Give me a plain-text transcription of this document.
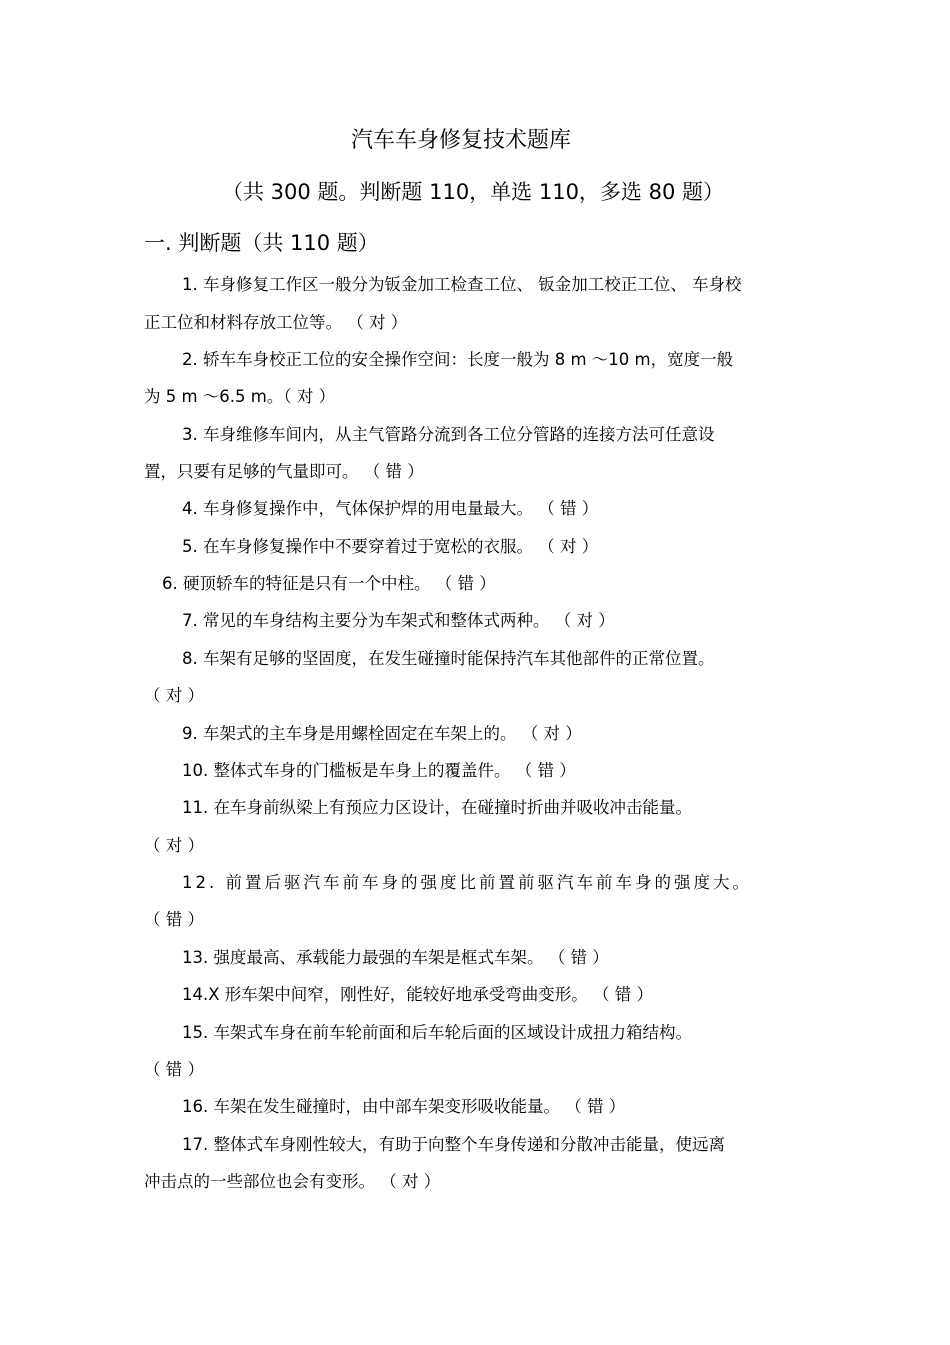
汽车车身修复技术题库
（共 300 题。判断题 110，单选 110，多选 80 题）
一. 判断题（共 110 题）
1. 车身修复工作区一般分为钣金加工检查工位、 钣金加工校正工位、 车身校
正工位和材料存放工位等。 （ 对 ）
2. 轿车车身校正工位的安全操作空间：长度一般为 8 m ～10 m，宽度一般
为 5 m ～6.5 m。（ 对 ）
3. 车身维修车间内，从主气管路分流到各工位分管路的连接方法可任意设
置，只要有足够的气量即可。 （ 错 ）
4. 车身修复操作中，气体保护焊的用电量最大。 （ 错 ）
5. 在车身修复操作中不要穿着过于宽松的衣服。 （ 对 ）
6. 硬顶轿车的特征是只有一个中柱。 （ 错 ）
7. 常见的车身结构主要分为车架式和整体式两种。 （ 对 ）
8. 车架有足够的坚固度，在发生碰撞时能保持汽车其他部件的正常位置。
（ 对 ）
9. 车架式的主车身是用螺栓固定在车架上的。 （ 对 ）
10. 整体式车身的门槛板是车身上的覆盖件。 （ 错 ）
11. 在车身前纵梁上有预应力区设计，在碰撞时折曲并吸收冲击能量。
（ 对 ）
12. 前置后驱汽车前车身的强度比前置前驱汽车前车身的强度大。
（ 错 ）
13. 强度最高、承载能力最强的车架是框式车架。 （ 错 ）
14.X 形车架中间窄，刚性好，能较好地承受弯曲变形。 （ 错 ）
15. 车架式车身在前车轮前面和后车轮后面的区域设计成扭力箱结构。
（ 错 ）
16. 车架在发生碰撞时，由中部车架变形吸收能量。 （ 错 ）
17. 整体式车身刚性较大，有助于向整个车身传递和分散冲击能量，使远离
冲击点的一些部位也会有变形。 （ 对 ）
